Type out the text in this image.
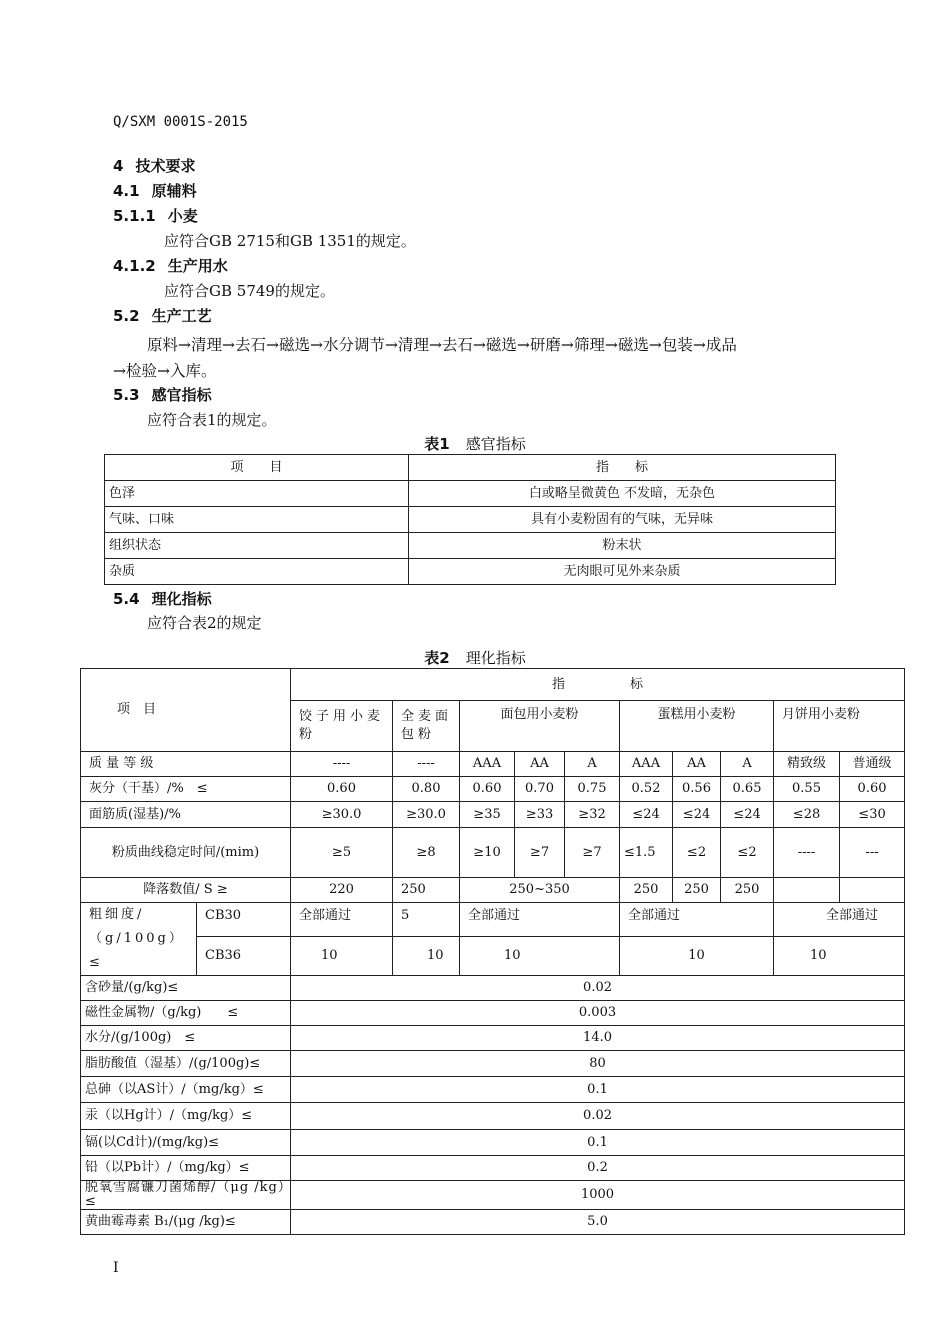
Q/SXM 0001S-2015
4 技术要求
4.1 原辅料
5.1.1 小麦
应符合GB 2715和GB 1351的规定。
4.1.2 生产用水
应符合GB 5749的规定。
5.2 生产工艺
原料→清理→去石→磁选→水分调节→清理→去石→磁选→研磨→筛理→磁选→包装→成品
→检验→入库。
5.3 感官指标
应符合表1的规定。
表1 感官指标
项　　目	指　　标
色泽	白或略呈微黄色 不发暗，无杂色
气味、口味	具有小麦粉固有的气味，无异味
组织状态	粉末状
杂质	无肉眼可见外来杂质
5.4 理化指标
应符合表2的规定
表2 理化指标
项　目		指　　　　　标									
		饺子用小麦粉	全麦面包粉	面包用小麦粉			蛋糕用小麦粉			月饼用小麦粉	
质 量 等 级		----	----	AAA	AA	A	AAA	AA	A	精致级	普通级
灰分（干基）/%　≤		0.60	0.80	0.60	0.70	0.75	0.52	0.56	0.65	0.55	0.60
面筋质(湿基)/%		≥30.0	≥30.0	≥35	≥33	≥32	≤24	≤24	≤24	≤28	≤30
粉质曲线稳定时间/(mim)		≥5	≥8	≥10	≥7	≥7	≤1.5	≤2	≤2	----	---
降落数值/ S ≥		220	250	250~350			250	250	250		
粗细度/（g/100g）≤	CB30	全部通过	5	全部通过			全部通过			全部通过	
	CB36	10	10	10			10			10	
含砂量/(g/kg)≤		0.02									
磁性金属物/（g/kg)　　≤		0.003									
水分/(g/100g)　≤		14.0									
脂肪酸值（湿基）/(g/100g)≤		80									
总砷（以AS计）/（mg/kg）≤		0.1									
汞（以Hg计）/（mg/kg）≤		0.02									
镉(以Cd计)/(mg/kg)≤		0.1									
铅（以Pb计）/（mg/kg）≤		0.2									
脱氧雪腐镰刀菌烯醇/（μg /kg）　≤		1000									
黄曲霉毒素 B₁/(μg /kg)≤		5.0									
I
